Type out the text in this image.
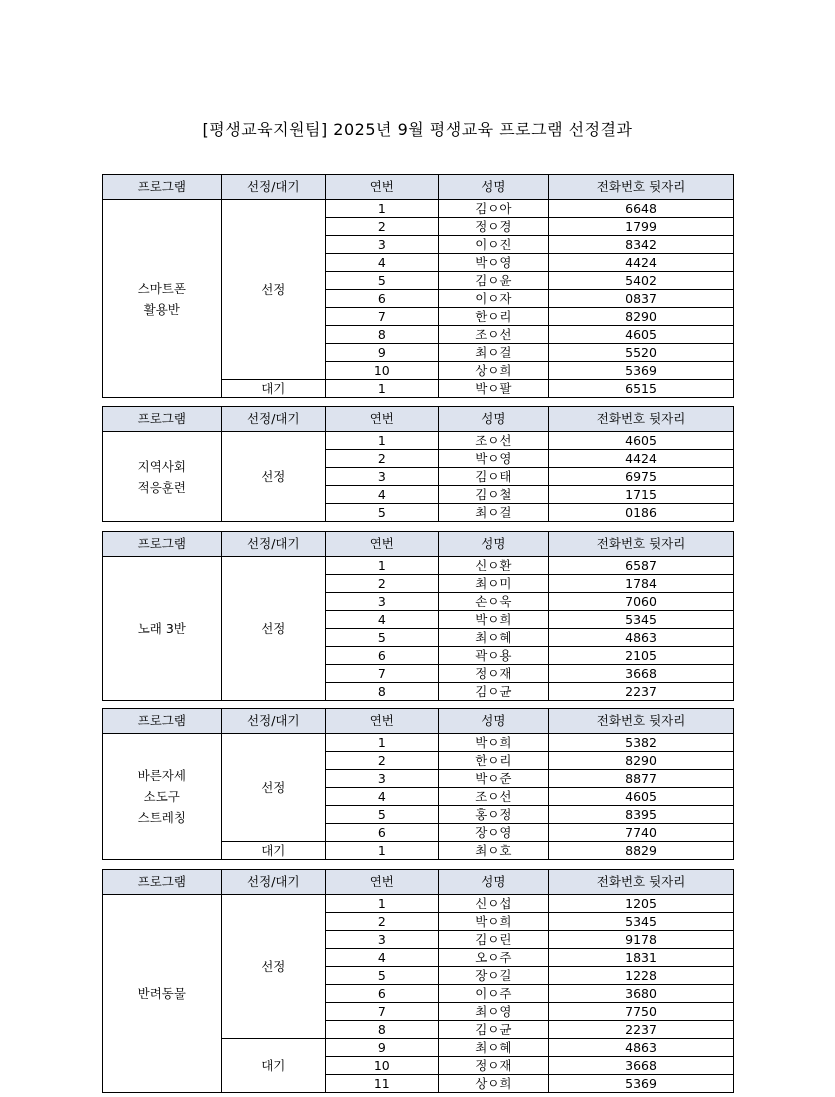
[평생교육지원팀] 2025년 9월 평생교육 프로그램 선정결과
프로그램	선정/대기	연번	성명	전화번호 뒷자리

스마트폰
활용반	선정	1	김ㅇ아	6648
		2	정ㅇ경	1799
		3	이ㅇ진	8342
		4	박ㅇ영	4424
		5	김ㅇ윤	5402
		6	이ㅇ자	0837
		7	한ㅇ리	8290
		8	조ㅇ선	4605
		9	최ㅇ걸	5520
		10	상ㅇ희	5369
	대기	1	박ㅇ팔	6515
프로그램	선정/대기	연번	성명	전화번호 뒷자리

지역사회
적응훈련	선정	1	조ㅇ선	4605
		2	박ㅇ영	4424
		3	김ㅇ태	6975
		4	김ㅇ철	1715
		5	최ㅇ걸	0186
프로그램	선정/대기	연번	성명	전화번호 뒷자리

노래 3반	선정	1	신ㅇ환	6587
		2	최ㅇ미	1784
		3	손ㅇ욱	7060
		4	박ㅇ희	5345
		5	최ㅇ혜	4863
		6	곽ㅇ용	2105
		7	정ㅇ재	3668
		8	김ㅇ균	2237
프로그램	선정/대기	연번	성명	전화번호 뒷자리

바른자세
소도구
스트레칭	선정	1	박ㅇ희	5382
		2	한ㅇ리	8290
		3	박ㅇ준	8877
		4	조ㅇ선	4605
		5	홍ㅇ정	8395
		6	장ㅇ영	7740
	대기	1	최ㅇ호	8829
프로그램	선정/대기	연번	성명	전화번호 뒷자리

반려동물	선정	1	신ㅇ섭	1205
		2	박ㅇ희	5345
		3	김ㅇ린	9178
		4	오ㅇ주	1831
		5	장ㅇ길	1228
		6	이ㅇ주	3680
		7	최ㅇ영	7750
		8	김ㅇ균	2237
	대기	9	최ㅇ혜	4863
		10	정ㅇ재	3668
		11	상ㅇ희	5369
